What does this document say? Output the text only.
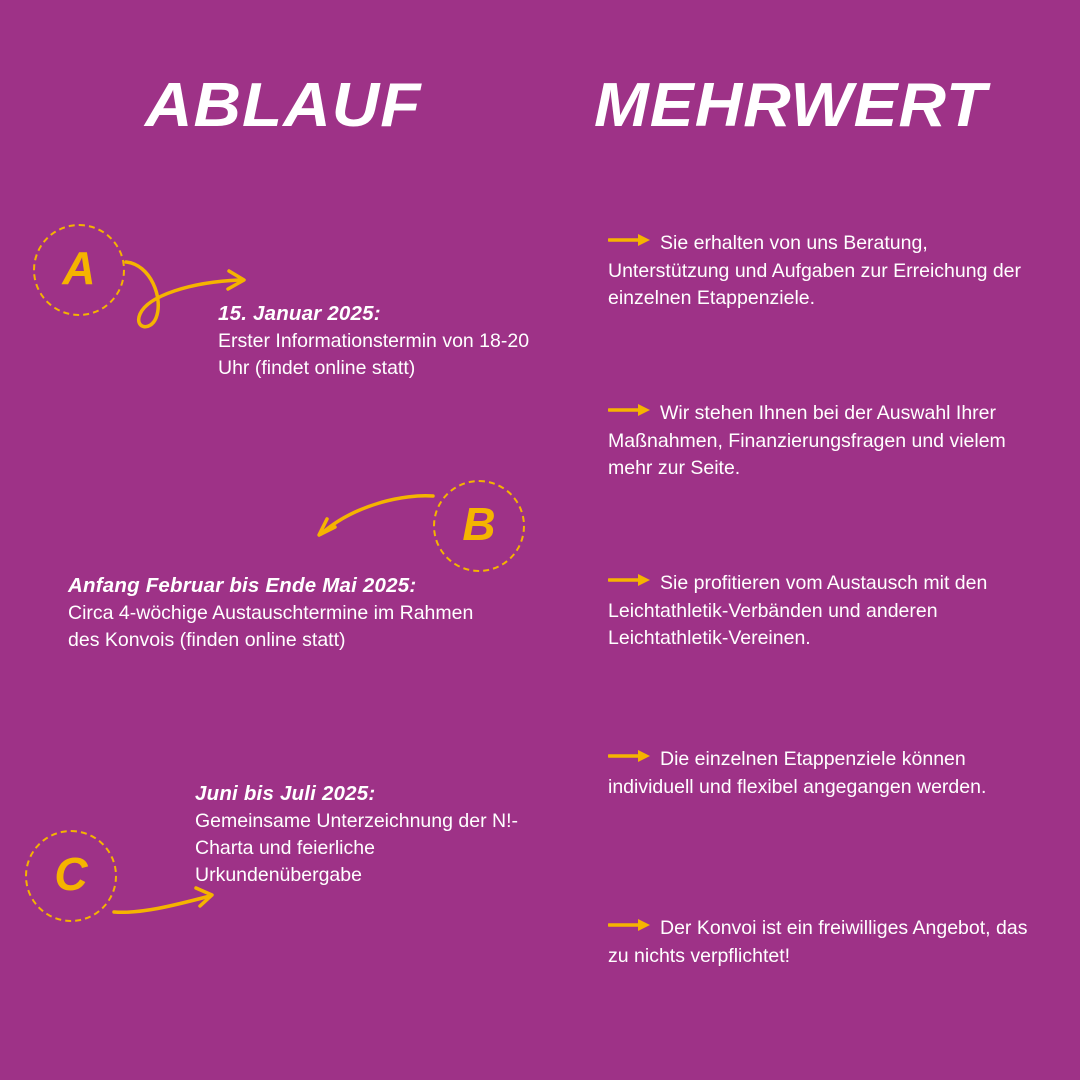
ABLAUF	MEHRWERT
A

15. Januar 2025:

Erster Informationstermin von 18-20 Uhr (findet online statt)

B

Anfang Februar bis Ende Mai 2025:

Circa 4-wöchige Austauschtermine im Rahmen des Konvois (finden online statt)

C

Juni bis Juli 2025:

Gemeinsame Unterzeichnung der N!-Charta und feierliche Urkundenübergabe

Sie erhalten von uns Beratung, Unterstützung und Aufgaben zur Erreichung der einzelnen Etappenziele.
Wir stehen Ihnen bei der Auswahl Ihrer Maßnahmen, Finanzierungsfragen und vielem mehr zur Seite.
Sie profitieren vom Austausch mit den Leichtathletik-Verbänden und anderen Leichtathletik-Vereinen.
Die einzelnen Etappenziele können individuell und flexibel angegangen werden.
Der Konvoi ist ein freiwilliges Angebot, das zu nichts verpflichtet!
